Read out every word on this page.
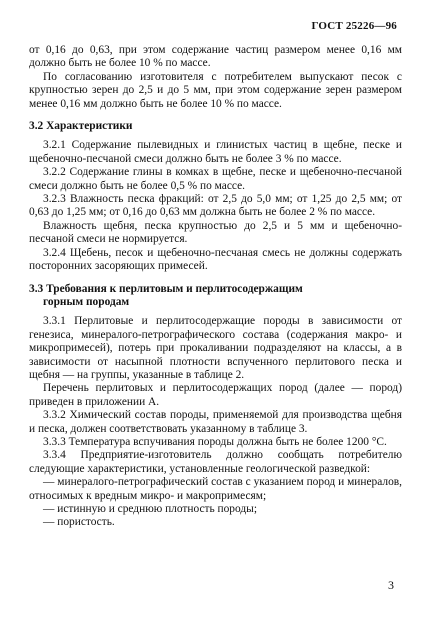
ГОСТ 25226—96

от 0,16 до 0,63, при этом содержание частиц размером менее 0,16 мм должно быть не более 10 % по массе.

По согласованию изготовителя с потребителем выпускают песок с крупностью зерен до 2,5 и до 5 мм, при этом содержание зерен размером менее 0,16 мм должно быть не более 10 % по массе.

3.2 Характеристики

3.2.1 Содержание пылевидных и глинистых частиц в щебне, песке и щебеночно-песчаной смеси должно быть не более 3 % по массе.

3.2.2 Содержание глины в комках в щебне, песке и щебеночно-песчаной смеси должно быть не более 0,5 % по массе.

3.2.3 Влажность песка фракций: от 2,5 до 5,0 мм; от 1,25 до 2,5 мм; от 0,63 до 1,25 мм; от 0,16 до 0,63 мм должна быть не более 2 % по массе.

Влажность щебня, песка крупностью до 2,5 и 5 мм и щебеночно-песчаной смеси не нормируется.

3.2.4 Щебень, песок и щебеночно-песчаная смесь не должны содержать посторонних засоряющих примесей.

3.3 Требования к перлитовым и перлитосодержащим
горным породам

3.3.1 Перлитовые и перлитосодержащие породы в зависимости от генезиса, минералого-петрографического состава (содержания макро- и микропримесей), потерь при прокаливании подразделяют на классы, а в зависимости от насыпной плотности вспученного перлитового песка и щебня — на группы, указанные в таблице 2.

Перечень перлитовых и перлитосодержащих пород (далее — пород) приведен в приложении А.

3.3.2 Химический состав породы, применяемой для производства щебня и песка, должен соответствовать указанному в таблице 3.

3.3.3 Температура вспучивания породы должна быть не более 1200 °С.

3.3.4 Предприятие-изготовитель должно сообщать потребителю следующие характеристики, установленные геологической разведкой:

— минералого-петрографический состав с указанием пород и минералов, относимых к вредным микро- и макропримесям;

— истинную и среднюю плотность породы;

— пористость.

3
